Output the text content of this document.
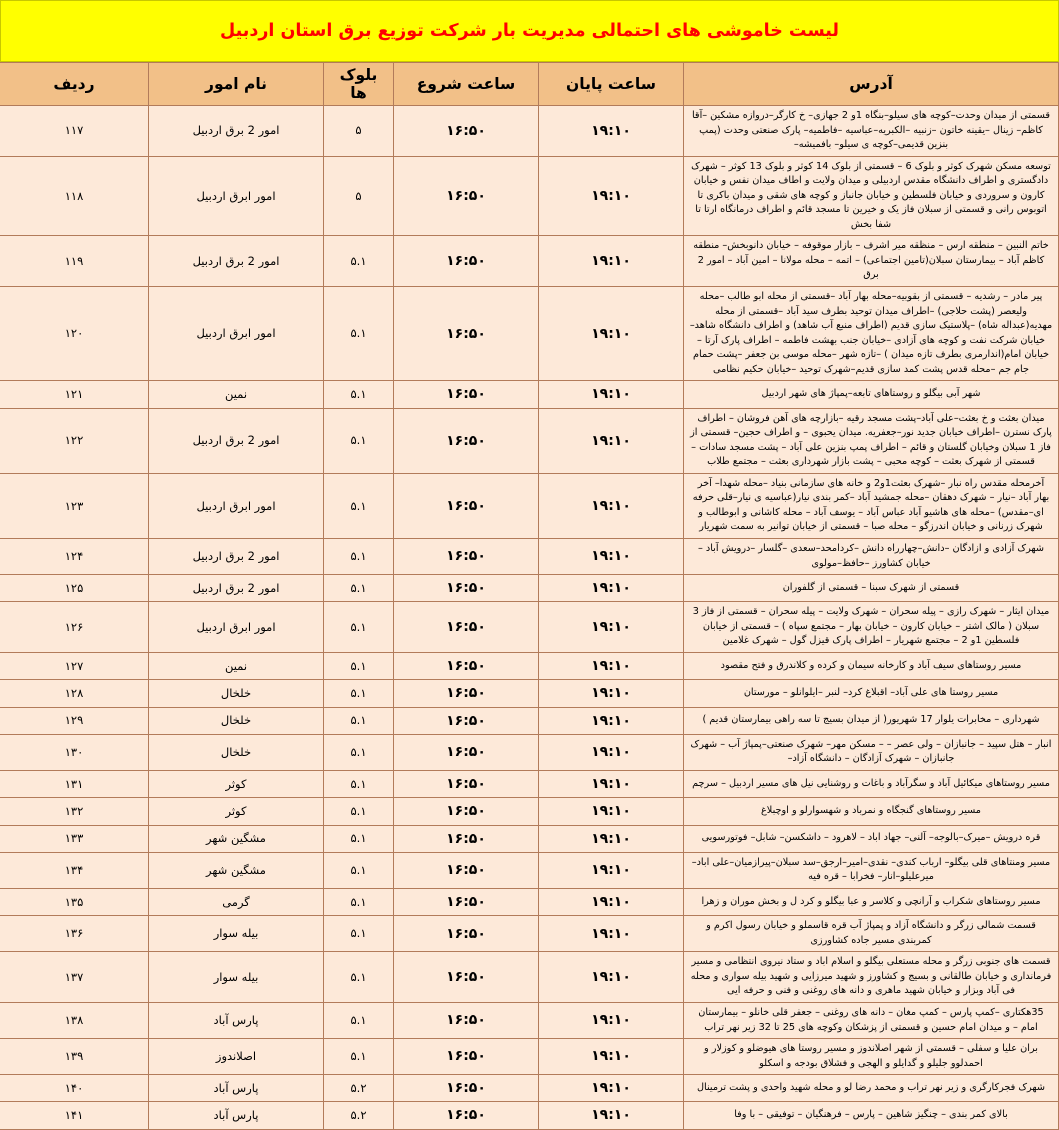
لیست خاموشی های احتمالی مدیریت بار شرکت توزیع برق استان اردبیل
آدرس	ساعت پایان	ساعت شروع	بلوک ها	نام امور	ردیف
قسمتی از میدان وحدت–کوچه های سیلو–بنگاه 1و 2 جهازی– خ کارگر–دروازه مشکین –آقا کاظم– زینال –یقینه خاتون –زنبیه –الکبریه–عباسیه –فاطمیه– پارک صنعتی وحدت (پمپ بنزین قدیمی–کوچه ی سیلو– بافمیشه–	۱۹:۱۰	۱۶:۵۰	۵	امور 2 برق اردبیل	۱۱۷
توسعه مسکن شهرک کوثر و بلوک 6 – قسمتی از بلوک 14 کوثر و بلوک 13 کوثر – شهرک دادگستری و اطراف دانشگاه مقدس اردبیلی و میدان ولایت و اطاف میدان نفس و خیابان کارون و سروردی و خیابان فلسطین و خیابان جانباز و کوچه های شقی و میدان باکری تا اتوبوس رانی و قسمتی از سبلان فاز یک و خیرین تا مسجد قائم و اطراف درمانگاه ارتا تا شفا بخش	۱۹:۱۰	۱۶:۵۰	۵	امور ابرق اردبیل	۱۱۸
خاتم النبین – منطقه ارس – منظقه میر اشرف – بازار موقوفه – خیابان دانوبخش– منطقه کاظم آباد – بیمارستان سبلان(تامین اجتماعی) – اتمه – محله مولانا – امین آباد – امور 2 برق	۱۹:۱۰	۱۶:۵۰	۵.۱	امور 2 برق اردبیل	۱۱۹
پیر مادر – رشدیه – قسمتی از بقوبیه–محله بهار آباد –قسمتی از محله ابو طالب –محله ولیعصر (پشت حلاجی) –اطراف میدان توحید بطرف سید آباد –قسمتی از محله مهدیه(عبداله شاه) –پلاستیک سازی قدیم (اطراف منبع آب شاهد) و اطراف دانشگاه شاهد–خیابان شرکت نفت و کوچه های آزادی –خیابان جنب بهشت فاطمه – اطراف پارک آرتا –خیابان امام(اندارمری بطرف تازه میدان ) –تازه شهر –محله موسی بن جعفر –پشت حمام جام جم –محله قدس پشت کمد سازی قدیم–شهرک توحید –خیابان حکیم نظامی	۱۹:۱۰	۱۶:۵۰	۵.۱	امور ابرق اردبیل	۱۲۰
شهر آبی بیگلو و روستاهای تابعه–پمپاژ های شهر اردبیل	۱۹:۱۰	۱۶:۵۰	۵.۱	نمین	۱۲۱
میدان بعثت و خ بعثت–علی آباد–پشت مسجد رقیه –بازارچه های آهن فروشان – اطراف پارک نسترن –اطراف خیابان جدید نور–جعفریه. میدان یحبوی – و اطراف حجین– قسمتی از فاز 1 سبلان وخیابان گلستان و قائم – اطراف پمپ بنزین علی آباد – پشت مسجد سادات – قسمتی از شهرک بعثت – کوچه محبی – پشت بازار شهرداری بعثت – مجتمع طلاب	۱۹:۱۰	۱۶:۵۰	۵.۱	امور 2 برق اردبیل	۱۲۲
آخرمحله مقدس راه نبار –شهرک بعثت1و2 و خانه های سازمانی بنیاد –محله شهدا– آخر بهار آباد –نیار – شهرک دهقان –محله جمشید آباد –کمر بندی نیار(عباسیه ی نیار–قلی حرفه ای–مقدس) –محله های هاشیو آباد عباس آباد – یوسف آباد – محله کاشانی و ابوطالب و شهرک زرنانی و خیابان اندرزگو – محله صبا – قسمتی از خیابان توانیر به سمت شهریار	۱۹:۱۰	۱۶:۵۰	۵.۱	امور ابرق اردبیل	۱۲۳
شهرک آزادی و ازادگان –دانش–چهارراه دانش –کردامحد–سعدی –گلسار –درویش آباد –خیابان کشاورز –حافظ–مولوی	۱۹:۱۰	۱۶:۵۰	۵.۱	امور 2 برق اردبیل	۱۲۴
قسمتی از شهرک سبنا – قسمتی از گلفوران	۱۹:۱۰	۱۶:۵۰	۵.۱	امور 2 برق اردبیل	۱۲۵
میدان ایثار – شهرک رازی – پیله سحران – شهرک ولایت – پیله سحران – قسمتی از فاز 3 سبلان ( مالک اشتر – خیابان کارون – خیابان بهار – مجتمع سپاه ) – قسمتی از خیابان فلسطین 1و 2 – مجتمع شهریار – اطراف پارک قیزل گول – شهرک غلامین	۱۹:۱۰	۱۶:۵۰	۵.۱	امور ابرق اردبیل	۱۲۶
مسیر روستاهای سیف آباد و کارخانه سیمان و کرده و کلاندرق و فتح مقصود	۱۹:۱۰	۱۶:۵۰	۵.۱	نمین	۱۲۷
مسیر روستا های علی آباد– اقبلاغ کرد– لنبر –ایلوانلو – مورستان	۱۹:۱۰	۱۶:۵۰	۵.۱	خلخال	۱۲۸
شهرداری – مخابرات یلوار 17 شهریور( از میدان بسیج تا سه راهی بیمارستان قدیم )	۱۹:۱۰	۱۶:۵۰	۵.۱	خلخال	۱۲۹
انبار – هتل سپید – جانبازان – ولی عصر – – مسکن مهر– شهرک صنعتی–پمپاژ آب – شهرک جانبازان – شهرک آزادگان – دانشگاه آزاد–	۱۹:۱۰	۱۶:۵۰	۵.۱	خلخال	۱۳۰
مسیر روستاهای میکائیل آباد و سگرآباد و باغات و روشنایی نیل های مسیر اردبیل – سرچم	۱۹:۱۰	۱۶:۵۰	۵.۱	کوثر	۱۳۱
مسیر روستاهای گنجگاه و نمرباد و شهسوارلو و اوچبلاغ	۱۹:۱۰	۱۶:۵۰	۵.۱	کوثر	۱۳۲
قره درویش –میرک–بالوجه– آلنی– جهاد اباد – لاهرود – داشکسن– شابل– فوتورسویی	۱۹:۱۰	۱۶:۵۰	۵.۱	مشگین شهر	۱۳۳
مسیر ومنتاهای قلی بیگلو– ارباب کندی– نقدی–امیر–ارجق–سد سبلان–پیرازمیان–علی اباد–میرعلیلو–انار– فخرابا – قره فیه	۱۹:۱۰	۱۶:۵۰	۵.۱	مشگین شهر	۱۳۴
مسیر روستاهای شکراب و آرانچی و کلاسر و عبا بیگلو و کرد ل و بخش موران و زهرا	۱۹:۱۰	۱۶:۵۰	۵.۱	گرمی	۱۳۵
قسمت شمالی زرگر و دانشگاه آزاد و پمپاژ آب قره قاسملو و خیابان رسول اکرم و کمربندی مسیر جاده کشاورزی	۱۹:۱۰	۱۶:۵۰	۵.۱	بیله سوار	۱۳۶
قسمت های جنوبی زرگر و محله مستعلی بیگلو و اسلام اباد و ستاد نیروی انتظامی و مسیر فرمانداری و خیابان طالقانی و بسیج و کشاورز و شهید میرزایی و شهید بیله سواری و محله فی آباد وبزار و خیابان شهید ماهری و دانه های روغنی و فنی و حرفه ایی	۱۹:۱۰	۱۶:۵۰	۵.۱	بیله سوار	۱۳۷
35هکتاری –کمپ پارس – کمپ مغان – دانه های روغنی – جعفر قلی خانلو – بیمارستان امام – و میدان امام حسین و قسمتی از پزشکان وکوچه های 25 تا 32 زیر نهر تراب	۱۹:۱۰	۱۶:۵۰	۵.۱	پارس آباد	۱۳۸
بران علیا و سفلی – قسمتی از شهر اصلاندوز و مسیر روستا های هیوضلو و کوزلار و احمدلوو جلیلو و گدایلو و الهجی و فشلاق بودجه و اسکلو	۱۹:۱۰	۱۶:۵۰	۵.۱	اصلاندوز	۱۳۹
شهرک فجرکارگری و زیر نهر تراب و محمد رضا لو و محله شهید واحدی و پشت ترمینال	۱۹:۱۰	۱۶:۵۰	۵.۲	پارس آباد	۱۴۰
بالای کمر بندی – چنگیز شاهین – پارس – فرهنگیان – توفیقی – با وفا	۱۹:۱۰	۱۶:۵۰	۵.۲	پارس آباد	۱۴۱
